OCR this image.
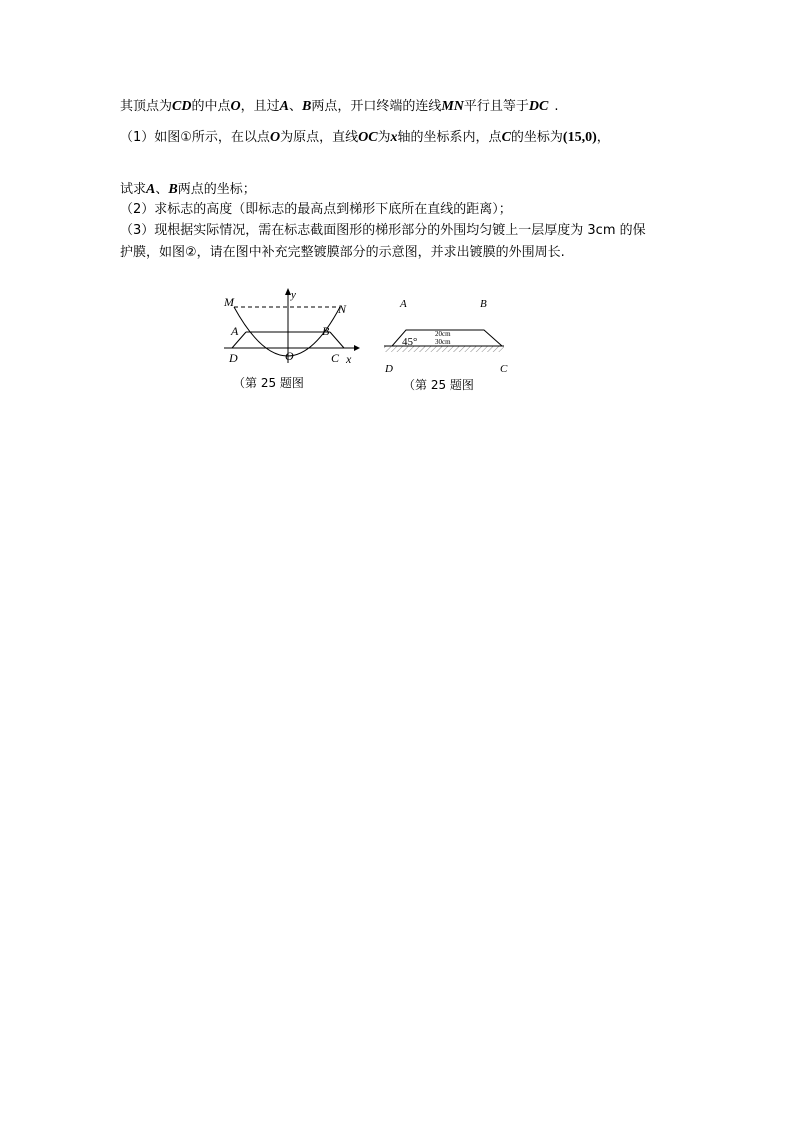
其顶点为CD的中点O，且过A、B两点，开口终端的连线MN平行且等于DC .
（1）如图①所示，在以点O为原点，直线OC为x轴的坐标系内，点C的坐标为(15,0)，
试求A、B两点的坐标；
（2）求标志的高度（即标志的最高点到梯形下底所在直线的距离）；
（3）现根据实际情况，需在标志截面图形的梯形部分的外围均匀镀上一层厚度为 3cm 的保
护膜，如图②，请在图中补充完整镀膜部分的示意图，并求出镀膜的外围周长.
M	N
y
A	B
D	O	C x
（第 25 题图
A	B
45°
20cm
30cm
D	C
（第 25 题图
